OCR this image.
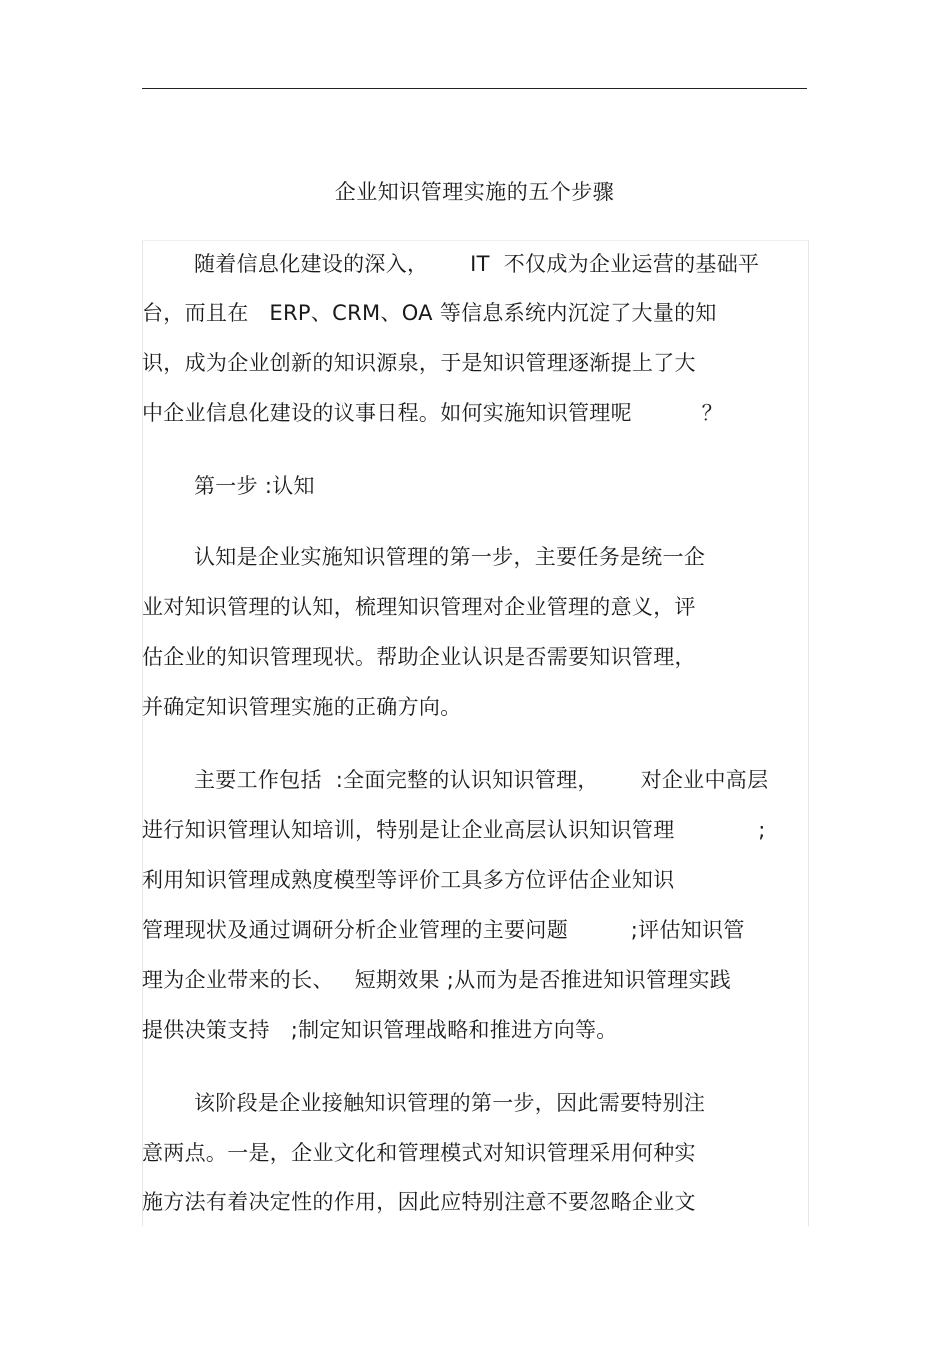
企业知识管理实施的五个步骤
随着信息化建设的深入，      IT  不仅成为企业运营的基础平
台，而且在   ERP、CRM、OA 等信息系统内沉淀了大量的知
识，成为企业创新的知识源泉，于是知识管理逐渐提上了大
中企业信息化建设的议事日程。如何实施知识管理呢          ？
第一步 :认知
认知是企业实施知识管理的第一步，主要任务是统一企
业对知识管理的认知，梳理知识管理对企业管理的意义，评
估企业的知识管理现状。帮助企业认识是否需要知识管理，
并确定知识管理实施的正确方向。
主要工作包括  :全面完整的认识知识管理，      对企业中高层
进行知识管理认知培训，特别是让企业高层认识知识管理            ;
利用知识管理成熟度模型等评价工具多方位评估企业知识
管理现状及通过调研分析企业管理的主要问题         ;评估知识管
理为企业带来的长、   短期效果 ;从而为是否推进知识管理实践
提供决策支持   ;制定知识管理战略和推进方向等。
该阶段是企业接触知识管理的第一步，因此需要特别注
意两点。一是，企业文化和管理模式对知识管理采用何种实
施方法有着决定性的作用，因此应特别注意不要忽略企业文
